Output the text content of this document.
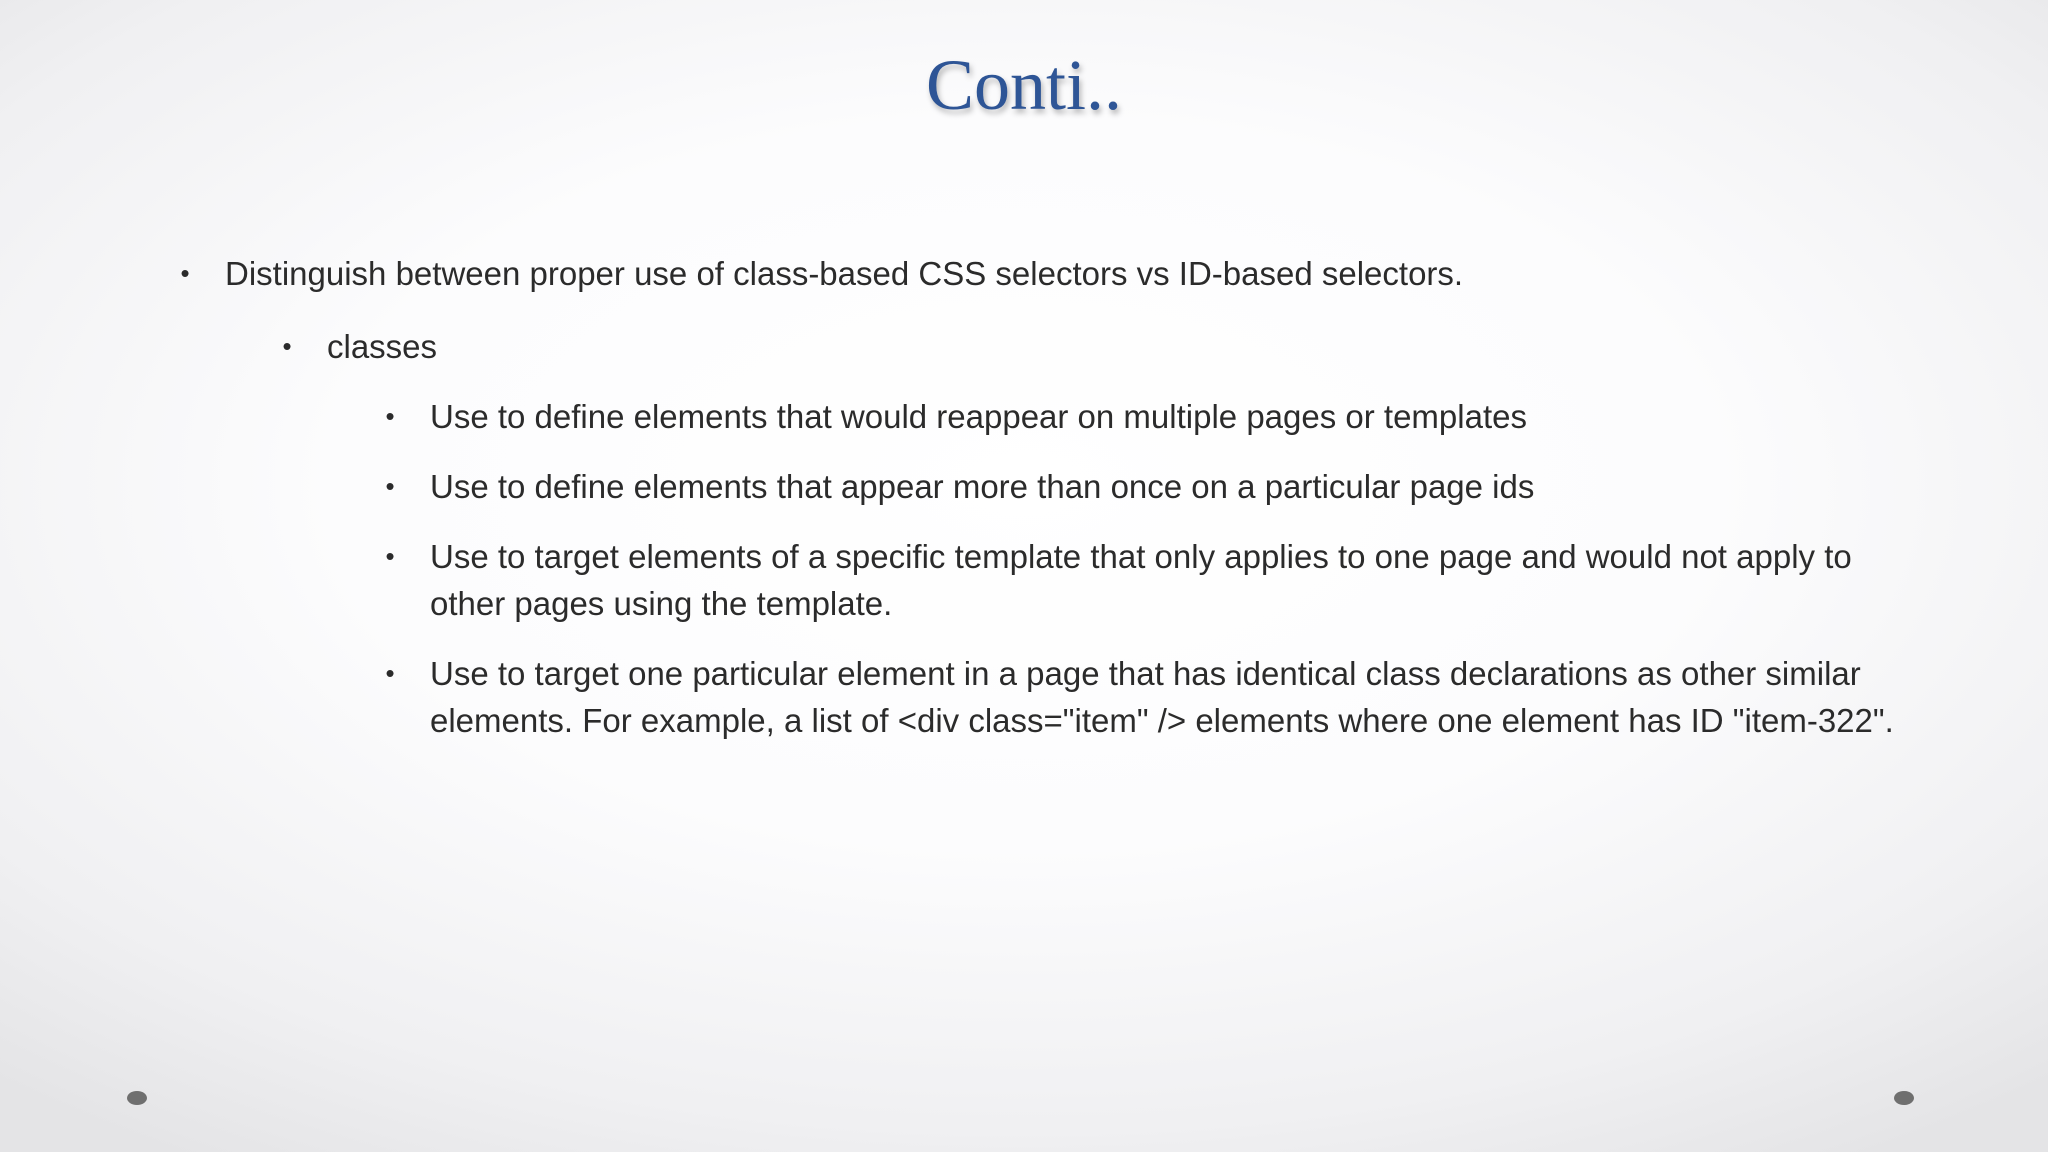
Conti..
• Distinguish between proper use of class-based CSS selectors vs ID-based selectors.
• classes
• Use to define elements that would reappear on multiple pages or templates
• Use to define elements that appear more than once on a particular page ids
• Use to target elements of a specific template that only applies to one page and would not apply to other pages using the template.
• Use to target one particular element in a page that has identical class declarations as other similar elements. For example, a list of <div class="item" /> elements where one element has ID "item-322".
